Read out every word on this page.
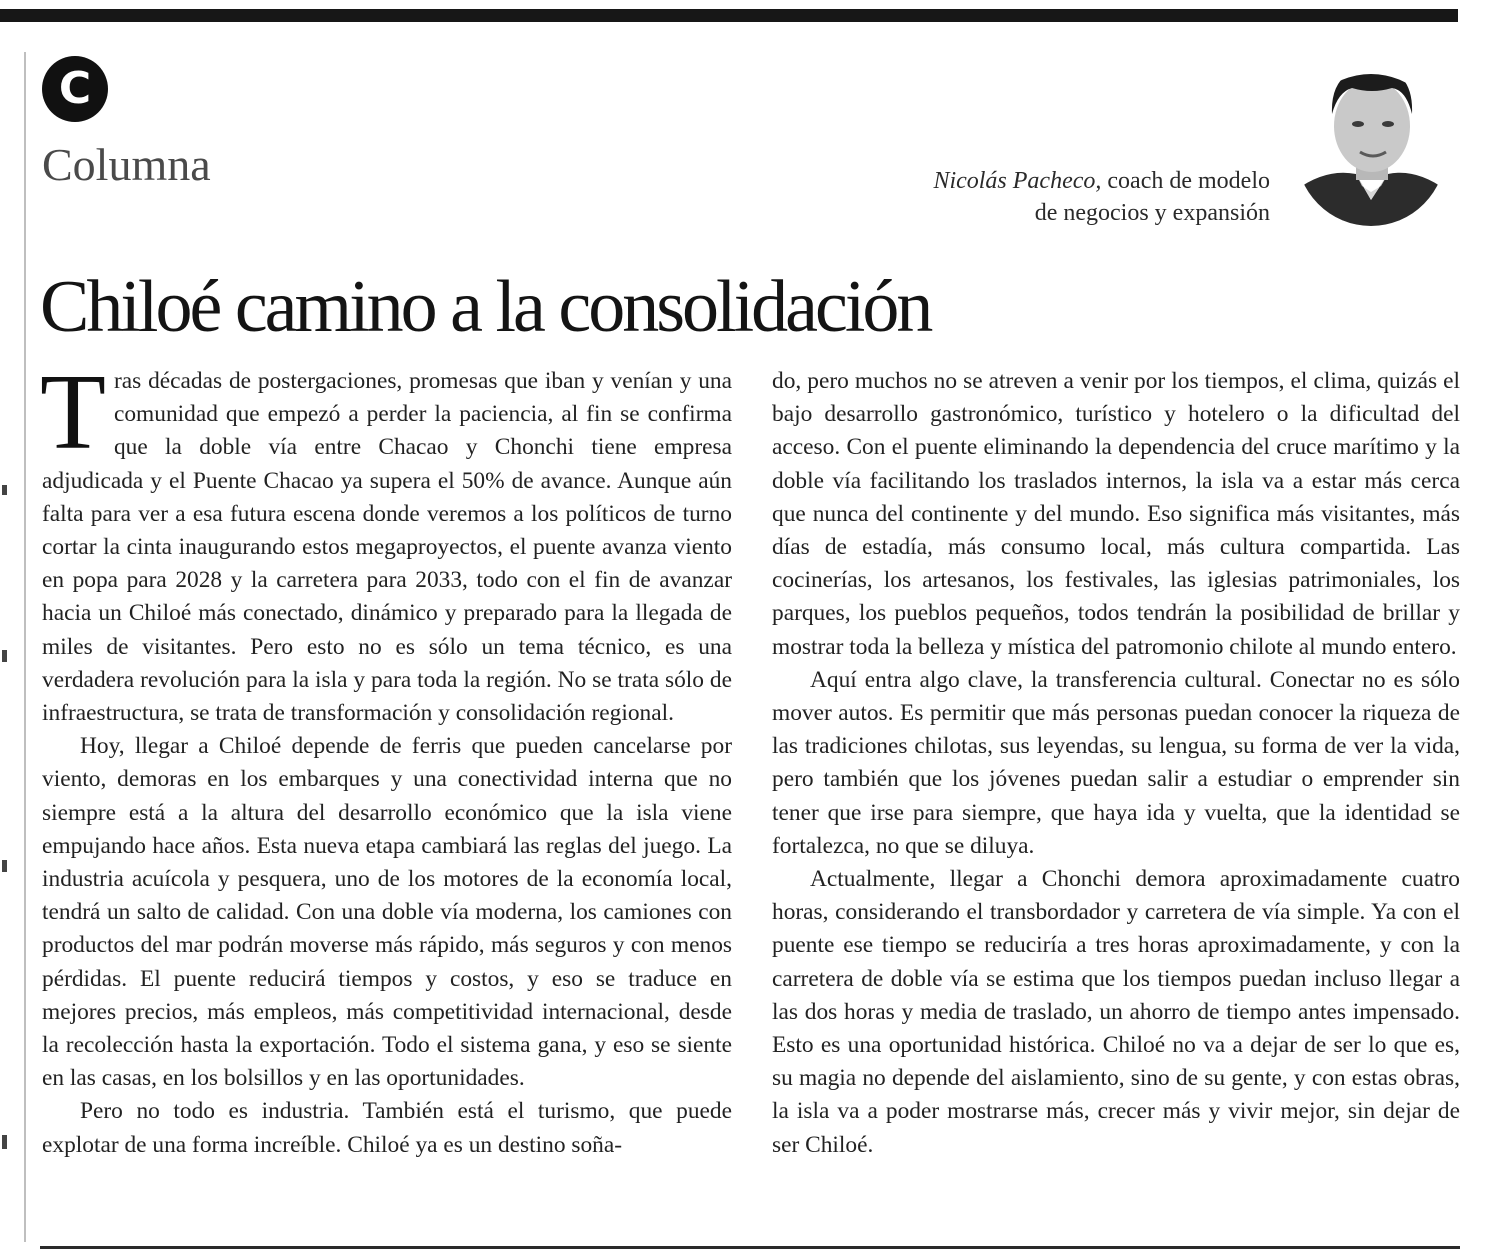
C
Columna	Nicolás Pacheco, coach de modelo
de negocios y expansión
Chiloé camino a la consolidación

Tras décadas de postergaciones, promesas que iban y venían y una comunidad que empezó a perder la paciencia, al fin se confirma que la doble vía entre Chacao y Chonchi tiene empresa adjudicada y el Puente Chacao ya supera el 50% de avance. Aunque aún falta para ver a esa futura escena donde veremos a los políticos de turno cortar la cinta inaugurando estos megaproyectos, el puente avanza viento en popa para 2028 y la carretera para 2033, todo con el fin de avanzar hacia un Chiloé más conectado, dinámico y preparado para la llegada de miles de visitantes. Pero esto no es sólo un tema técnico, es una verdadera revolución para la isla y para toda la región. No se trata sólo de infraestructura, se trata de transformación y consolidación regional.

Hoy, llegar a Chiloé depende de ferris que pueden cancelarse por viento, demoras en los embarques y una conectividad interna que no siempre está a la altura del desarrollo económico que la isla viene empujando hace años. Esta nueva etapa cambiará las reglas del juego. La industria acuícola y pesquera, uno de los motores de la economía local, tendrá un salto de calidad. Con una doble vía moderna, los camiones con productos del mar podrán moverse más rápido, más seguros y con menos pérdidas. El puente reducirá tiempos y costos, y eso se traduce en mejores precios, más empleos, más competitividad internacional, desde la recolección hasta la exportación. Todo el sistema gana, y eso se siente en las casas, en los bolsillos y en las oportunidades.

Pero no todo es industria. También está el turismo, que puede explotar de una forma increíble. Chiloé ya es un destino soña-

do, pero muchos no se atreven a venir por los tiempos, el clima, quizás el bajo desarrollo gastronómico, turístico y hotelero o la dificultad del acceso. Con el puente eliminando la dependencia del cruce marítimo y la doble vía facilitando los traslados internos, la isla va a estar más cerca que nunca del continente y del mundo. Eso significa más visitantes, más días de estadía, más consumo local, más cultura compartida. Las cocinerías, los artesanos, los festivales, las iglesias patrimoniales, los parques, los pueblos pequeños, todos tendrán la posibilidad de brillar y mostrar toda la belleza y mística del patromonio chilote al mundo entero.

Aquí entra algo clave, la transferencia cultural. Conectar no es sólo mover autos. Es permitir que más personas puedan conocer la riqueza de las tradiciones chilotas, sus leyendas, su lengua, su forma de ver la vida, pero también que los jóvenes puedan salir a estudiar o emprender sin tener que irse para siempre, que haya ida y vuelta, que la identidad se fortalezca, no que se diluya.

Actualmente, llegar a Chonchi demora aproximadamente cuatro horas, considerando el transbordador y carretera de vía simple. Ya con el puente ese tiempo se reduciría a tres horas aproximadamente, y con la carretera de doble vía se estima que los tiempos puedan incluso llegar a las dos horas y media de traslado, un ahorro de tiempo antes impensado. Esto es una oportunidad histórica. Chiloé no va a dejar de ser lo que es, su magia no depende del aislamiento, sino de su gente, y con estas obras, la isla va a poder mostrarse más, crecer más y vivir mejor, sin dejar de ser Chiloé.
